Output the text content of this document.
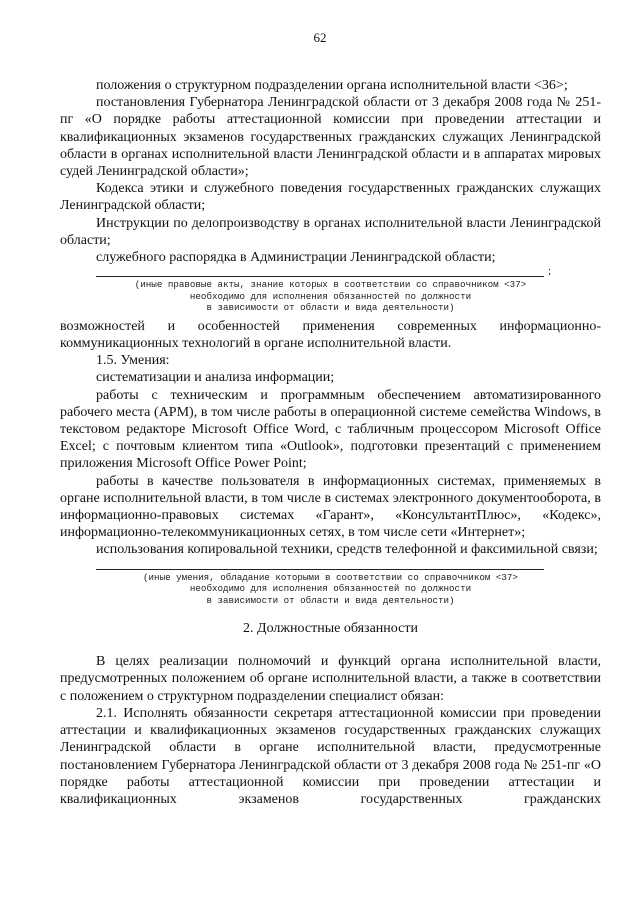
62

положения о структурном подразделении органа исполнительной власти <36>;

постановления Губернатора Ленинградской области от 3 декабря 2008 года № 251-пг «О порядке работы аттестационной комиссии при проведении аттестации и квалификационных экзаменов государственных гражданских служащих Ленинградской области в органах исполнительной власти Ленинградской области и в аппаратах мировых судей Ленинградской области»;

Кодекса этики и служебного поведения государственных гражданских служащих Ленинградской области;

Инструкции по делопроизводству в органах исполнительной власти Ленинградской области;

служебного распорядка в Администрации Ленинградской области;

;
(иные правовые акты, знание которых в соответствии со справочником <37>
необходимо для исполнения обязанностей по должности
в зависимости от области и вида деятельности)

возможностей и особенностей применения современных информационно-коммуникационных технологий в органе исполнительной власти.

1.5. Умения:

систематизации и анализа информации;

работы с техническим и программным обеспечением автоматизированного рабочего места (АРМ), в том числе работы в операционной системе семейства Windows, в текстовом редакторе Microsoft Office Word, с табличным процессором Microsoft Office Excel; с почтовым клиентом типа «Outlook», подготовки презентаций с применением приложения Microsoft Office Power Point;

работы в качестве пользователя в информационных системах, применяемых в органе исполнительной власти, в том числе в системах электронного документооборота, в информационно-правовых системах «Гарант», «КонсультантПлюс», «Кодекс», информационно-телекоммуникационных сетях, в том числе сети «Интернет»;

использования копировальной техники, средств телефонной и факсимильной связи;

(иные умения, обладание которыми в соответствии со справочником <37>
необходимо для исполнения обязанностей по должности
в зависимости от области и вида деятельности)
2. Должностные обязанности

В целях реализации полномочий и функций органа исполнительной власти, предусмотренных положением об органе исполнительной власти, а также в соответствии с положением о структурном подразделении специалист обязан:

2.1. Исполнять обязанности секретаря аттестационной комиссии при проведении аттестации и квалификационных экзаменов государственных гражданских служащих Ленинградской области в органе исполнительной власти, предусмотренные постановлением Губернатора Ленинградской области от 3 декабря 2008 года № 251-пг «О порядке работы аттестационной комиссии при проведении аттестации и квалификационных экзаменов государственных гражданских
